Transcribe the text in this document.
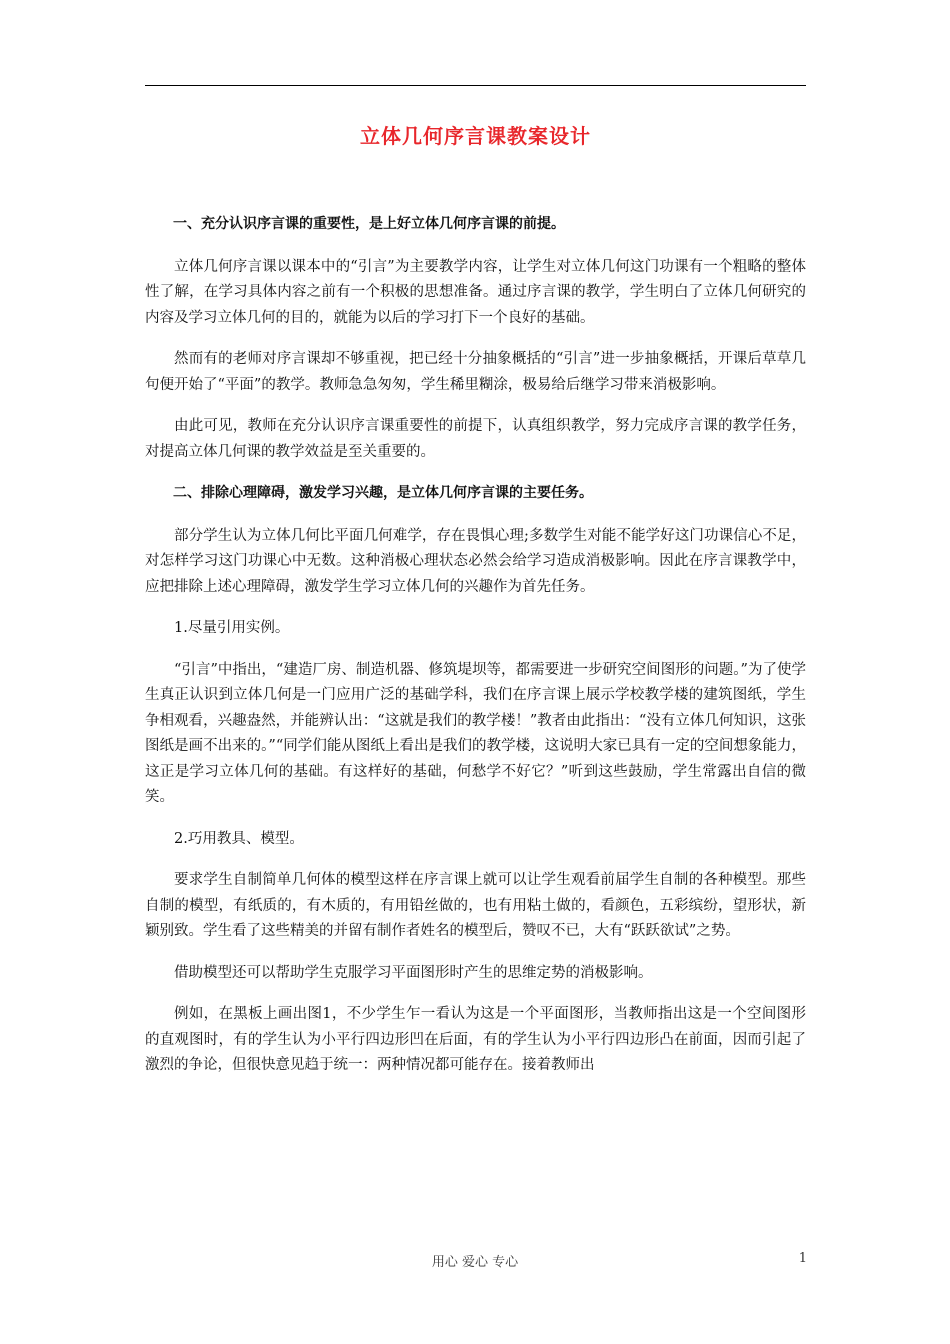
立体几何序言课教案设计

一、充分认识序言课的重要性，是上好立体几何序言课的前提。

立体几何序言课以课本中的“引言”为主要教学内容，让学生对立体几何这门功课有一个粗略的整体性了解，在学习具体内容之前有一个积极的思想准备。通过序言课的教学，学生明白了立体几何研究的内容及学习立体几何的目的，就能为以后的学习打下一个良好的基础。

然而有的老师对序言课却不够重视，把已经十分抽象概括的“引言”进一步抽象概括，开课后草草几句便开始了“平面”的教学。教师急急匆匆，学生稀里糊涂，极易给后继学习带来消极影响。

由此可见，教师在充分认识序言课重要性的前提下，认真组织教学，努力完成序言课的教学任务，对提高立体几何课的教学效益是至关重要的。

二、排除心理障碍，激发学习兴趣，是立体几何序言课的主要任务。

部分学生认为立体几何比平面几何难学，存在畏惧心理;多数学生对能不能学好这门功课信心不足，对怎样学习这门功课心中无数。这种消极心理状态必然会给学习造成消极影响。因此在序言课教学中，应把排除上述心理障碍，激发学生学习立体几何的兴趣作为首先任务。

1.尽量引用实例。

“引言”中指出，“建造厂房、制造机器、修筑堤坝等，都需要进一步研究空间图形的问题。”为了使学生真正认识到立体几何是一门应用广泛的基础学科，我们在序言课上展示学校教学楼的建筑图纸，学生争相观看，兴趣盎然，并能辨认出：“这就是我们的教学楼！”教者由此指出：“没有立体几何知识，这张图纸是画不出来的。”“同学们能从图纸上看出是我们的教学楼，这说明大家已具有一定的空间想象能力，这正是学习立体几何的基础。有这样好的基础，何愁学不好它？”听到这些鼓励，学生常露出自信的微笑。

2.巧用教具、模型。

要求学生自制简单几何体的模型这样在序言课上就可以让学生观看前届学生自制的各种模型。那些自制的模型，有纸质的，有木质的，有用铅丝做的，也有用粘土做的，看颜色，五彩缤纷，望形状，新颖别致。学生看了这些精美的并留有制作者姓名的模型后，赞叹不已，大有“跃跃欲试”之势。

借助模型还可以帮助学生克服学习平面图形时产生的思维定势的消极影响。

例如，在黑板上画出图1，不少学生乍一看认为这是一个平面图形，当教师指出这是一个空间图形的直观图时，有的学生认为小平行四边形凹在后面，有的学生认为小平行四边形凸在前面，因而引起了激烈的争论，但很快意见趋于统一：两种情况都可能存在。接着教师出

用心 爱心 专心	1
